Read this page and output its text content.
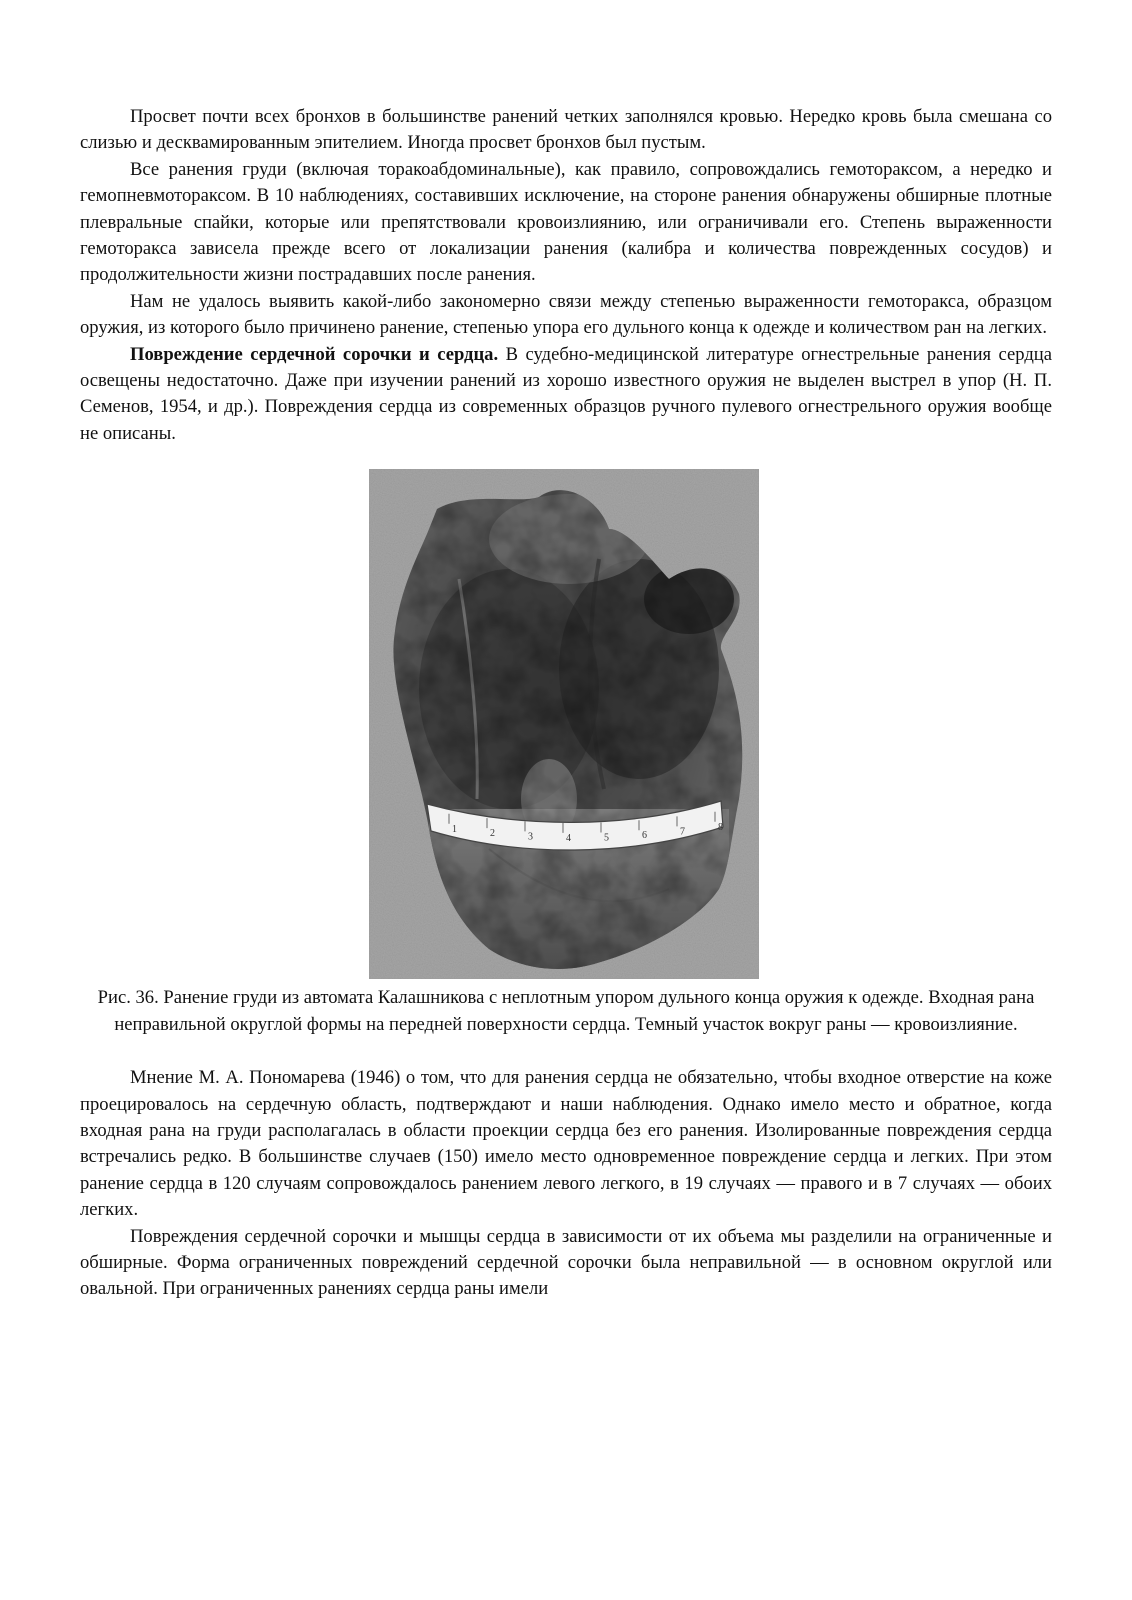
Просвет почти всех бронхов в большинстве ранений четких заполнялся кровью. Нередко кровь была смешана со слизью и десквамированным эпителием. Иногда просвет бронхов был пустым.

Все ранения груди (включая торакоабдоминальные), как правило, сопровождались гемотораксом, а нередко и гемопневмотораксом. В 10 наблюдениях, составивших исключение, на стороне ранения обнаружены обширные плотные плевральные спайки, которые или препятствовали кровоизлиянию, или ограничивали его. Степень выраженности гемоторакса зависела прежде всего от локализации ранения (калибра и количества поврежденных сосудов) и продолжительности жизни пострадавших после ранения.

Нам не удалось выявить какой-либо закономерно связи между степенью выраженности гемоторакса, образцом оружия, из которого было причинено ранение, степенью упора его дульного конца к одежде и количеством ран на легких.

Повреждение сердечной сорочки и сердца. В судебно-медицинской литературе огнестрельные ранения сердца освещены недостаточно. Даже при изучении ранений из хорошо известного оружия не выделен выстрел в упор (Н. П. Семенов, 1954, и др.). Повреждения сердца из современных образцов ручного пулевого огнестрельного оружия вообще не описаны.

1	2	3	4	5	6	7	8
Рис. 36. Ранение груди из автомата Калашникова с неплотным упором дульного конца оружия к одежде. Входная рана неправильной округлой формы на передней поверхности сердца. Темный участок вокруг раны — кровоизлияние.

Мнение М. А. Пономарева (1946) о том, что для ранения сердца не обязательно, чтобы входное отверстие на коже проецировалось на сердечную область, подтверждают и наши наблюдения. Однако имело место и обратное, когда входная рана на груди располагалась в области проекции сердца без его ранения. Изолированные повреждения сердца встречались редко. В большинстве случаев (150) имело место одновременное повреждение сердца и легких. При этом ранение сердца в 120 случаям сопровождалось ранением левого легкого, в 19 случаях — правого и в 7 случаях — обоих легких.

Повреждения сердечной сорочки и мышцы сердца в зависимости от их объема мы разделили на ограниченные и обширные. Форма ограниченных повреждений сердечной сорочки была неправильной — в основном округлой или овальной. При ограниченных ранениях сердца раны имели
